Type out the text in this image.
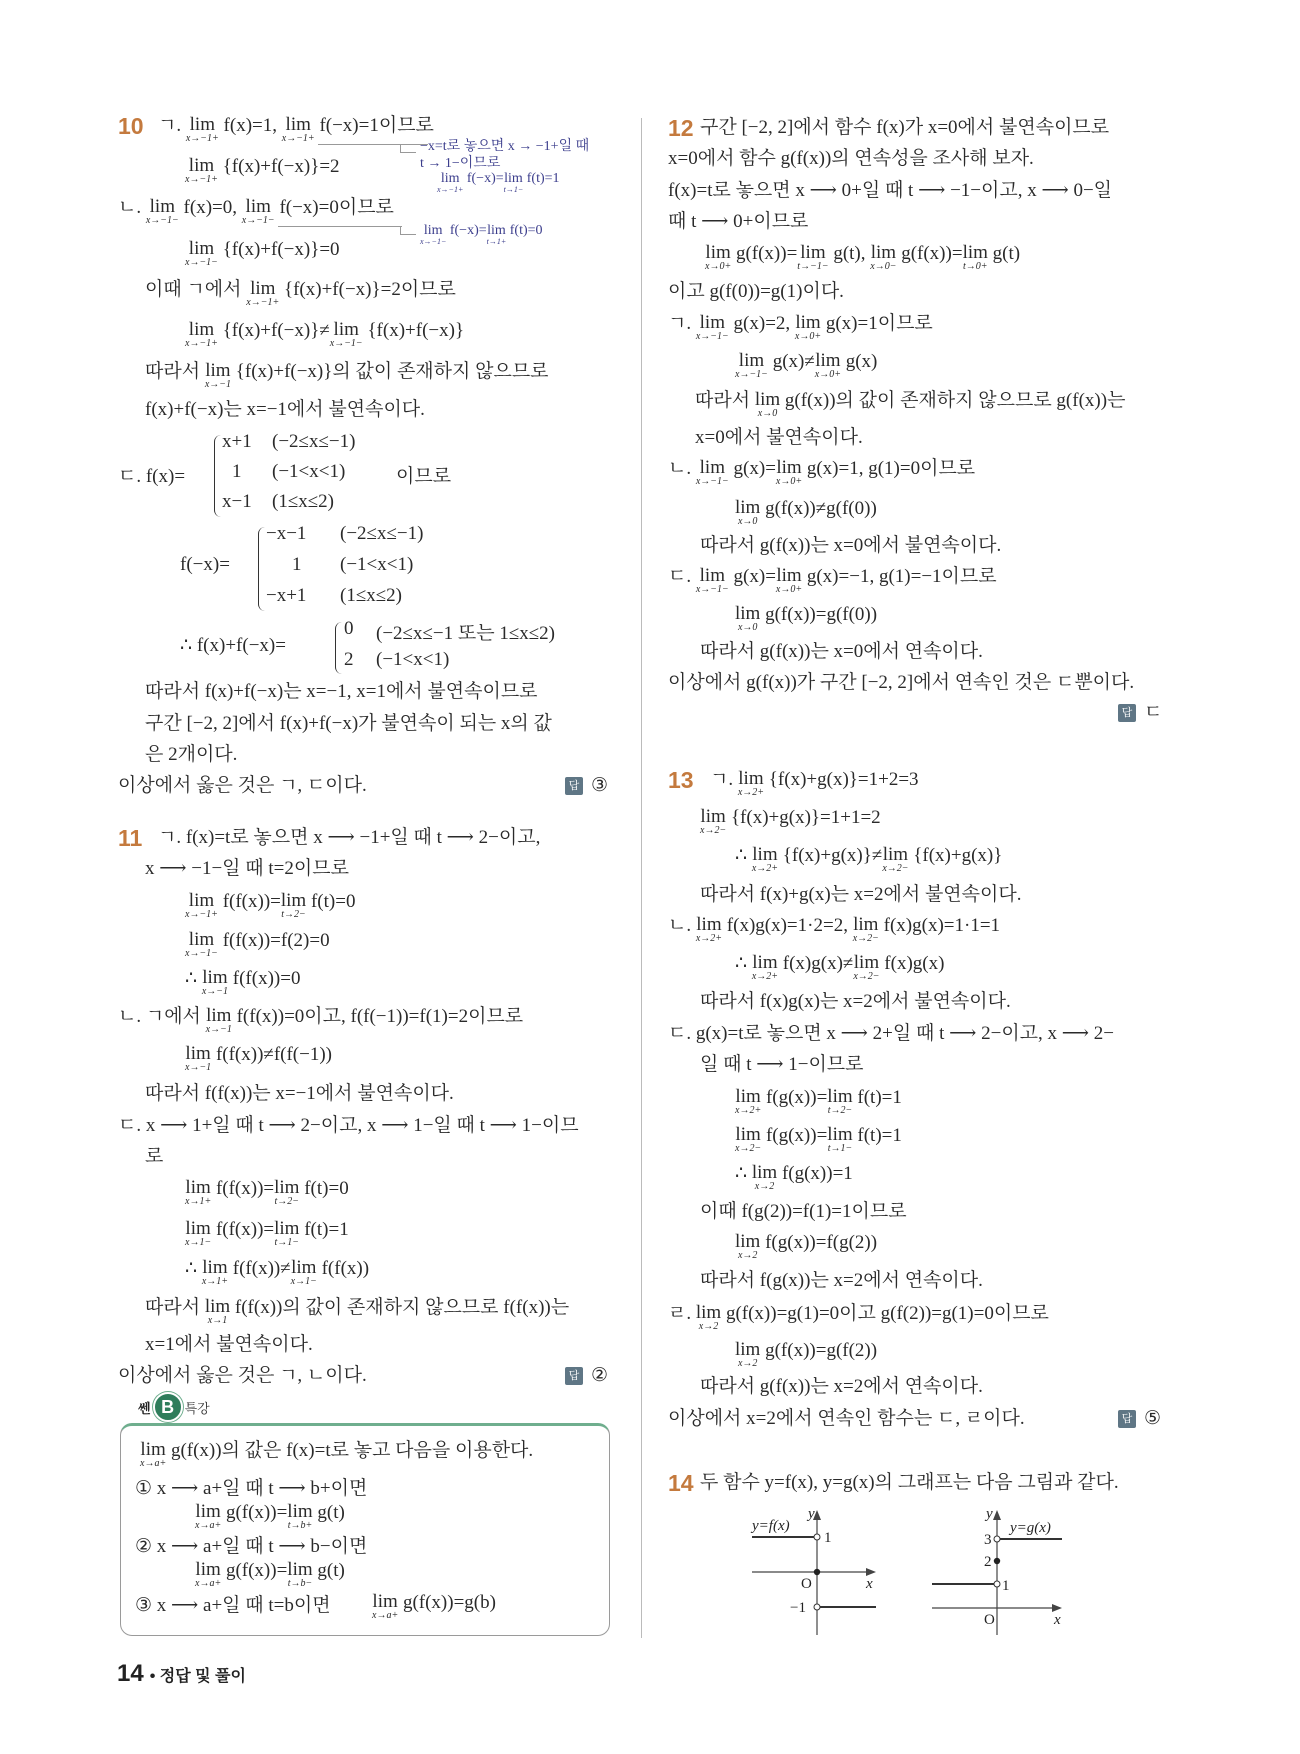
10
11
12
13
14
ㄷ. f(x)=
x+1 (−2≤x≤−1)
1 (−1<x<1)
x−1 (1≤x≤2)
이므로
f(−x)=
−x−1 (−2≤x≤−1)
1 (−1<x<1)
−x+1 (1≤x≤2)
∴ f(x)+f(−x)=
0 (−2≤x≤−1 또는 1≤x≤2)
2 (−1<x<1)
답 ③
답 ②
답 ㄷ
답 ⑤
쎈 B 특강
y=f(x)
y
1
O	x
−1
y=g(x)
y
3
2
1
O	x
14 • 정답 및 풀이
ㄱ. lim
x→−1+
f(x)=1, lim
x→−1+
f(−x)=1이므로
lim
x→−1+
{f(x)+f(−x)}=2
ㄴ. lim
x→−1−
f(x)=0, lim
x→−1−
f(−x)=0이므로
lim
x→−1−
{f(x)+f(−x)}=0
이때 ㄱ에서 lim
x→−1+
{f(x)+f(−x)}=2이므로
lim
x→−1+
{f(x)+f(−x)}≠ lim
x→−1−
{f(x)+f(−x)}
따라서 lim
x→−1
{f(x)+f(−x)}의 값이 존재하지 않으므로
f(x)+f(−x)는 x=−1에서 불연속이다.
따라서 f(x)+f(−x)는 x=−1, x=1에서 불연속이므로
구간 [−2, 2]에서 f(x)+f(−x)가 불연속이 되는 x의 값
은 2개이다.
이상에서 옳은 것은 ㄱ, ㄷ이다.
−x=t로 놓으면 x → −1+일 때
t → 1−이므로
lim
x→−1+
f(−x)= lim
t→1−
f(t)=1
lim
x→−1−
f(−x)= lim
t→1+
f(t)=0
ㄱ. f(x)=t로 놓으면 x ⟶ −1+일 때 t ⟶ 2−이고,
x ⟶ −1−일 때 t=2이므로
lim
x→−1+
f(f(x))= lim
t→2−
f(t)=0
lim
x→−1−
f(f(x))=f(2)=0
∴ lim
x→−1
f(f(x))=0
ㄴ. ㄱ에서 lim
x→−1
f(f(x))=0이고, f(f(−1))=f(1)=2이므로
lim
x→−1
f(f(x))≠f(f(−1))
따라서 f(f(x))는 x=−1에서 불연속이다.
ㄷ. x ⟶ 1+일 때 t ⟶ 2−이고, x ⟶ 1−일 때 t ⟶ 1−이므
로
lim
x→1+
f(f(x))= lim
t→2−
f(t)=0
lim
x→1−
f(f(x))= lim
t→1−
f(t)=1
∴ lim
x→1+
f(f(x))≠ lim
x→1−
f(f(x))
따라서 lim
x→1
f(f(x))의 값이 존재하지 않으므로 f(f(x))는
x=1에서 불연속이다.
이상에서 옳은 것은 ㄱ, ㄴ이다.
lim
x→a+
g(f(x))의 값은 f(x)=t로 놓고 다음을 이용한다.
① x ⟶ a+일 때 t ⟶ b+이면
lim
x→a+
g(f(x))= lim
t→b+
g(t)
② x ⟶ a+일 때 t ⟶ b−이면
lim
x→a+
g(f(x))= lim
t→b−
g(t)
③ x ⟶ a+일 때 t=b이면 lim
x→a+
g(f(x))=g(b)
구간 [−2, 2]에서 함수 f(x)가 x=0에서 불연속이므로
x=0에서 함수 g(f(x))의 연속성을 조사해 보자.
f(x)=t로 놓으면 x ⟶ 0+일 때 t ⟶ −1−이고, x ⟶ 0−일
때 t ⟶ 0+이므로
lim
x→0+
g(f(x))= lim
t→−1−
g(t), lim
x→0−
g(f(x))= lim
t→0+
g(t)
이고 g(f(0))=g(1)이다.
ㄱ. lim
x→−1−
g(x)=2, lim
x→0+
g(x)=1이므로
lim
x→−1−
g(x)≠ lim
x→0+
g(x)
따라서 lim
x→0
g(f(x))의 값이 존재하지 않으므로 g(f(x))는
x=0에서 불연속이다.
ㄴ. lim
x→−1−
g(x)= lim
x→0+
g(x)=1, g(1)=0이므로
lim
x→0
g(f(x))≠g(f(0))
따라서 g(f(x))는 x=0에서 불연속이다.
ㄷ. lim
x→−1−
g(x)= lim
x→0+
g(x)=−1, g(1)=−1이므로
lim
x→0
g(f(x))=g(f(0))
따라서 g(f(x))는 x=0에서 연속이다.
이상에서 g(f(x))가 구간 [−2, 2]에서 연속인 것은 ㄷ뿐이다.
ㄱ. lim
x→2+
{f(x)+g(x)}=1+2=3
lim
x→2−
{f(x)+g(x)}=1+1=2
∴ lim
x→2+
{f(x)+g(x)}≠ lim
x→2−
{f(x)+g(x)}
따라서 f(x)+g(x)는 x=2에서 불연속이다.
ㄴ. lim
x→2+
f(x)g(x)=1·2=2, lim
x→2−
f(x)g(x)=1·1=1
∴ lim
x→2+
f(x)g(x)≠ lim
x→2−
f(x)g(x)
따라서 f(x)g(x)는 x=2에서 불연속이다.
ㄷ. g(x)=t로 놓으면 x ⟶ 2+일 때 t ⟶ 2−이고, x ⟶ 2−
일 때 t ⟶ 1−이므로
lim
x→2+
f(g(x))= lim
t→2−
f(t)=1
lim
x→2−
f(g(x))= lim
t→1−
f(t)=1
∴ lim
x→2
f(g(x))=1
이때 f(g(2))=f(1)=1이므로
lim
x→2
f(g(x))=f(g(2))
따라서 f(g(x))는 x=2에서 연속이다.
ㄹ. lim
x→2
g(f(x))=g(1)=0이고 g(f(2))=g(1)=0이므로
lim
x→2
g(f(x))=g(f(2))
따라서 g(f(x))는 x=2에서 연속이다.
이상에서 x=2에서 연속인 함수는 ㄷ, ㄹ이다.
두 함수 y=f(x), y=g(x)의 그래프는 다음 그림과 같다.
